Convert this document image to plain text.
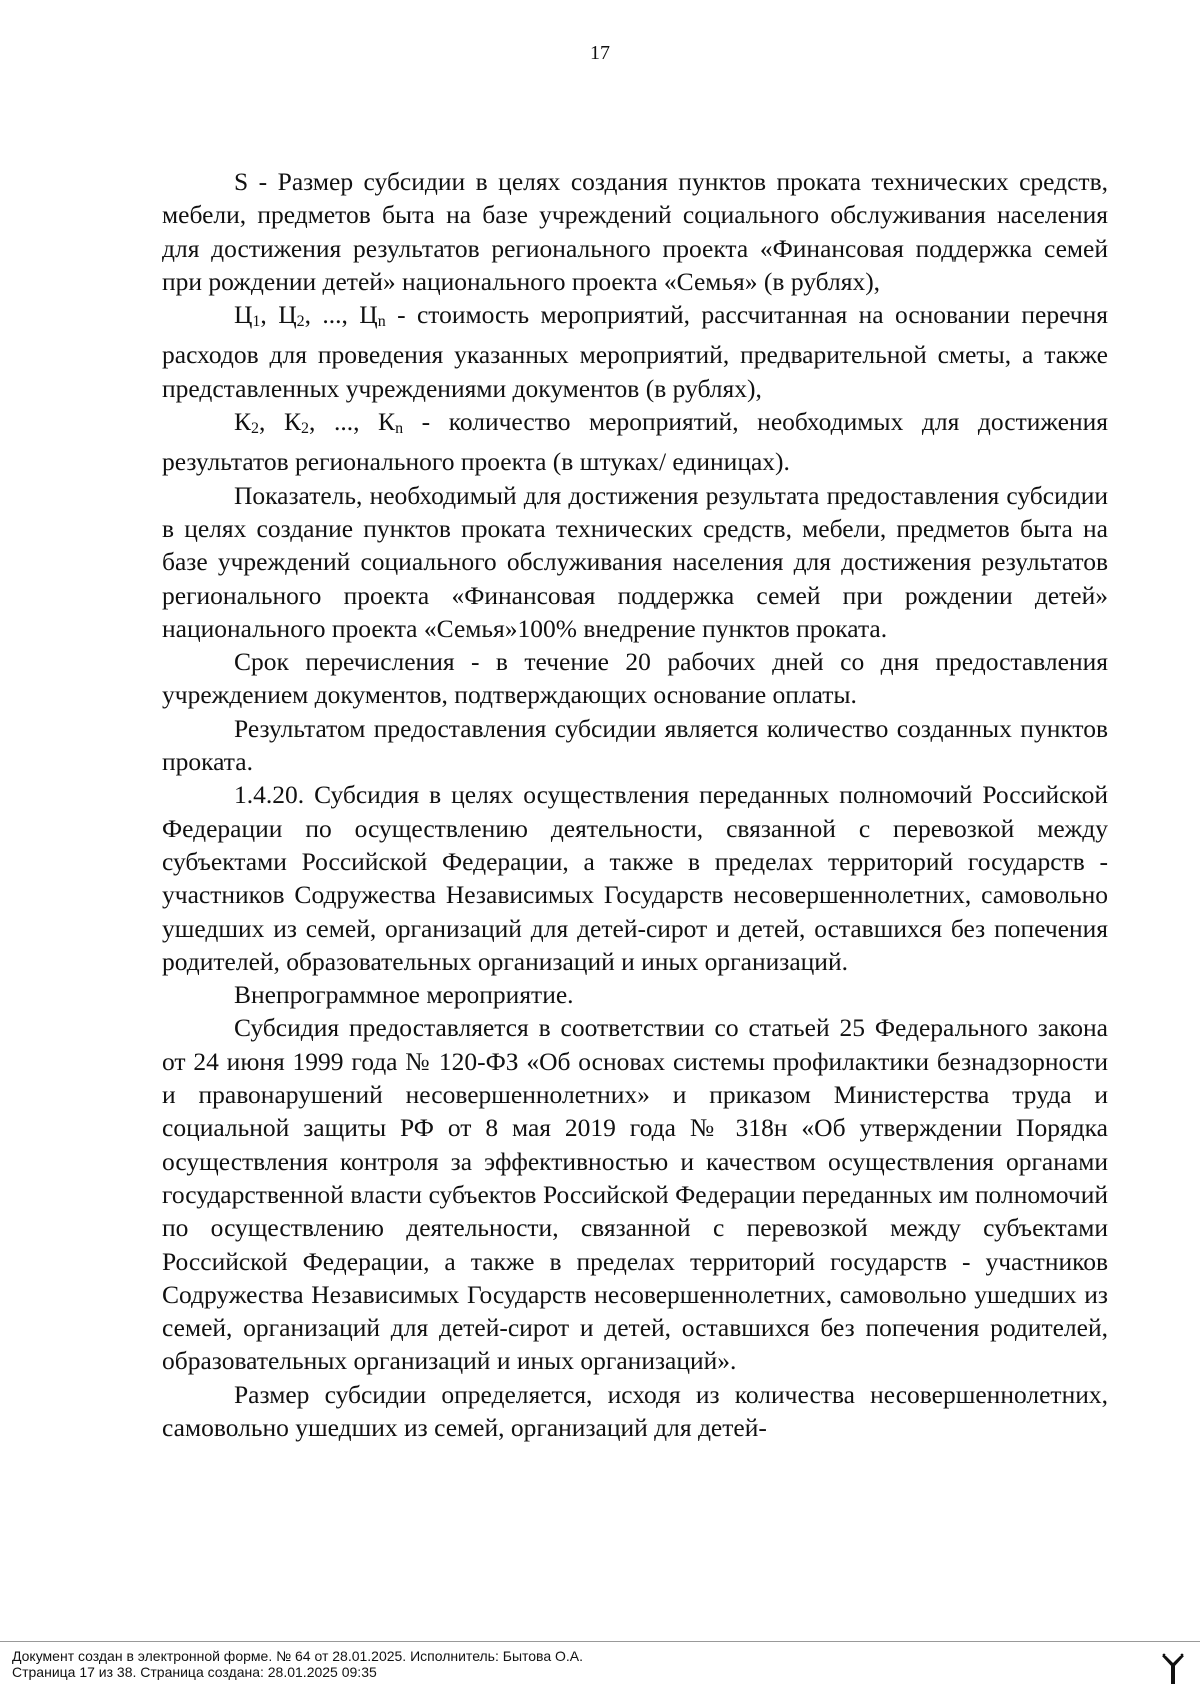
17

S - Размер субсидии в целях создания пунктов проката технических средств, мебели, предметов быта на базе учреждений социального обслуживания населения для достижения результатов регионального проекта «Финансовая поддержка семей при рождении детей» национального проекта «Семья» (в рублях),

Ц1, Ц2, ..., Цn - стоимость мероприятий, рассчитанная на основании перечня расходов для проведения указанных мероприятий, предварительной сметы, а также представленных учреждениями документов (в рублях),

К2, К2, ..., Кn - количество мероприятий, необходимых для достижения результатов регионального проекта (в штуках/ единицах).

Показатель, необходимый для достижения результата предоставления субсидии в целях создание пунктов проката технических средств, мебели, предметов быта на базе учреждений социального обслуживания населения для достижения результатов регионального проекта «Финансовая поддержка семей при рождении детей» национального проекта «Семья»100% внедрение пунктов проката.

Срок перечисления - в течение 20 рабочих дней со дня предоставления учреждением документов, подтверждающих основание оплаты.

Результатом предоставления субсидии является количество созданных пунктов проката.

1.4.20. Субсидия в целях осуществления переданных полномочий Российской Федерации по осуществлению деятельности, связанной с перевозкой между субъектами Российской Федерации, а также в пределах территорий государств - участников Содружества Независимых Государств несовершеннолетних, самовольно ушедших из семей, организаций для детей-сирот и детей, оставшихся без попечения родителей, образовательных организаций и иных организаций.

Внепрограммное мероприятие.

Субсидия предоставляется в соответствии со статьей 25 Федерального закона от 24 июня 1999 года № 120-ФЗ «Об основах системы профилактики безнадзорности и правонарушений несовершеннолетних» и приказом Министерства труда и социальной защиты РФ от 8 мая 2019 года № 318н «Об утверждении Порядка осуществления контроля за эффективностью и качеством осуществления органами государственной власти субъектов Российской Федерации переданных им полномочий по осуществлению деятельности, связанной с перевозкой между субъектами Российской Федерации, а также в пределах территорий государств - участников Содружества Независимых Государств несовершеннолетних, самовольно ушедших из семей, организаций для детей-сирот и детей, оставшихся без попечения родителей, образовательных организаций и иных организаций».

Размер субсидии определяется, исходя из количества несовершеннолетних, самовольно ушедших из семей, организаций для детей-

Документ создан в электронной форме. № 64 от 28.01.2025. Исполнитель: Бытова О.А.
Страница 17 из 38. Страница создана: 28.01.2025 09:35
